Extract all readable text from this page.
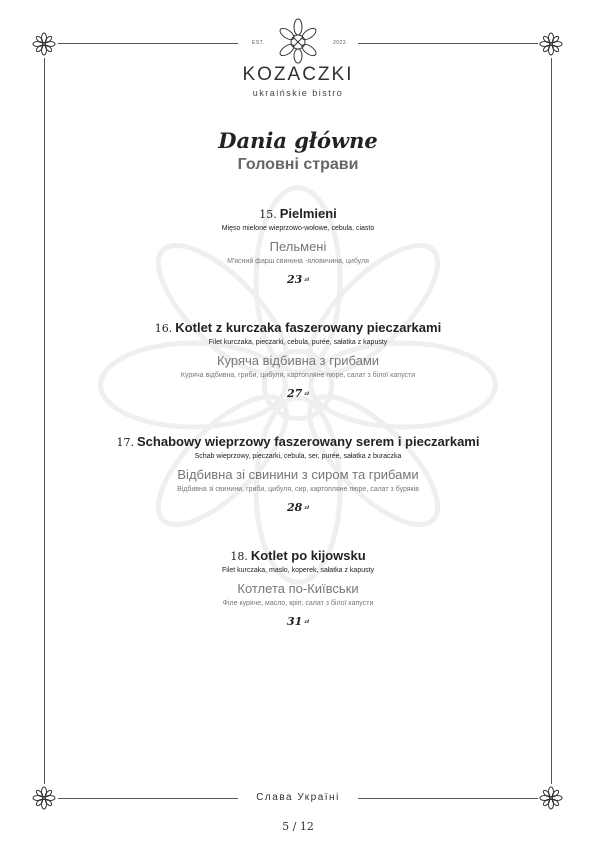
EST.	2022
KOZACZKI
ukraińskie bistro
Dania główne
Головні страви
15. Pielmieni
Mięso mielone wieprzowo-wołowe, cebula, ciasto
Пельмені
М'ясний фарш свинина -яловичина, цибуля
23 zł
16. Kotlet z kurczaka faszerowany pieczarkami
Filet kurczaka, pieczarki, cebula, purée, sałatka z kapusty
Куряча відбивна з грибами
Куряча відбивна, гриби, цибуля, картопляне пюре, салат з білої капусти
27 zł
17. Schabowy wieprzowy faszerowany serem i pieczarkami
Schab wieprzowy, pieczarki, cebula, ser, purée, sałatka z buraczka
Відбивна зі свинини з сиром та грибами
Відбивна зі свинини, гриби, цибуля, сир, картопляне пюре, салат з буряків
28 zł
18. Kotlet po kijowsku
Filet kurczaka, masło, koperek, sałatka z kapusty
Котлета по-Київськи
Філе куряче, масло, кріп, салат з білої капусти
31 zł
Слава Україні
5 / 12
